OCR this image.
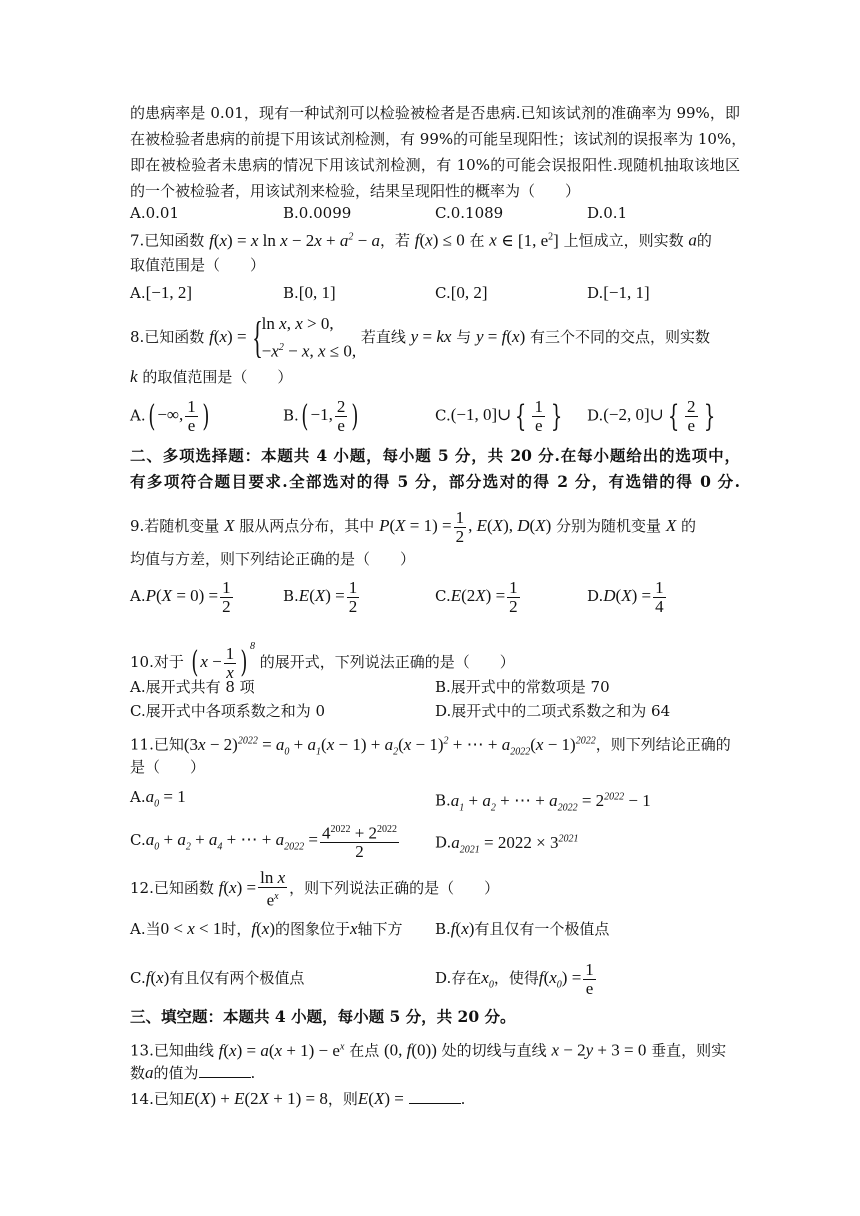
的患病率是 0.01，现有一种试剂可以检验被检者是否患病.已知该试剂的准确率为 99%，即
在被检验者患病的前提下用该试剂检测，有 99%的可能呈现阳性；该试剂的误报率为 10%，
即在被检验者未患病的情况下用该试剂检测，有 10%的可能会误报阳性.现随机抽取该地区
的一个被检验者，用该试剂来检验，结果呈现阳性的概率为（　　）
A.0.01	B.0.0099	C.0.1089	D.0.1
7.已知函数 f(x) = x $\ln x - 2x + a^2 - a$，若 f(x) ≤ 0 在 x ∈ [1, $e^2$] 上恒成立，则实数 a的
取值范围是（　　）
A.[−1, 2]	B.[0, 1]	C.[0, 2]	D.[−1, 1]
8.已知函数 f(x) = { ln x, x > 0,
$-x^2 - x$, x ≤ 0,
若直线 y = kx 与 y = f(x) 有三个不同的交点，则实数
k 的取值范围是（　　）
A.( −∞, $\frac{1}{e}$ )	B.( −1, $\frac{2}{e}$ )	C.(−1, 0]∪ { $\frac{1}{e}$ } D.(−2, 0]∪ { $\frac{2}{e}$ }
二、多项选择题：本题共 4 小题，每小题 5 分，共 20 分.在每小题给出的选项中，
有多项符合题目要求.全部选对的得 5 分，部分选对的得 2 分，有选错的得 0 分.
9.若随机变量 X 服从两点分布，其中 $P(X = 1) = \frac{1}{2}$ , E(X), D(X) 分别为随机变量 X 的
均值与方差，则下列结论正确的是（　　）
$A.P(X = 0) = \frac{1}{2}$	$B.E(X) = \frac{1}{2}$	$C.E(2X) = \frac{1}{2}$	$D.D(X) = \frac{1}{4}$
10.对于 ( $x - \frac{1}{x}$ ) $^8$ 的展开式，下列说法正确的是（　　）
A.展开式共有 8 项	B.展开式中的常数项是 70
C.展开式中各项系数之和为 0	D.展开式中的二项式系数之和为 64
11.已知$(3x - 2)^{2022} = a_0 + a_1(x - 1) + a_2(x - 1)^2$ + ⋯ + $a_{2022}(x - 1)^{2022}$，则下列结论正确的
是（　　）
$A.a_0 = 1$	$B.a_1 + a_2$ + ⋯ + $a_{2022} = 2^{2022} - 1$
$C.a_0 + a_2 + a_4$ + ⋯ + $a_{2022} = \frac{4^{2022} + 2^{2022}}{2} D.a_{2021} = 2022 \times 3^{2021}$
12.已知函数 $f(x) = \frac{\text{ln x}}{e^x}$ ，则下列说法正确的是（　　）
A.当0 < x < 1时，f(x)的图象位于x轴下方 B.f(x)有且仅有一个极值点
C.f(x)有且仅有两个极值点	D.存在$x_0$，使得$f(x_0) = \frac{1}{e}$
三、填空题：本题共 4 小题，每小题 5 分，共 20 分。
13.已知曲线 $f(x) = a(x + 1) - e^x$ 在点 (0, f(0)) 处的切线与直线 x − 2y + 3 = 0 垂直，则实
数a的值为	.
14.已知E(X) + E(2X + 1) = 8，则E(X) =	.
